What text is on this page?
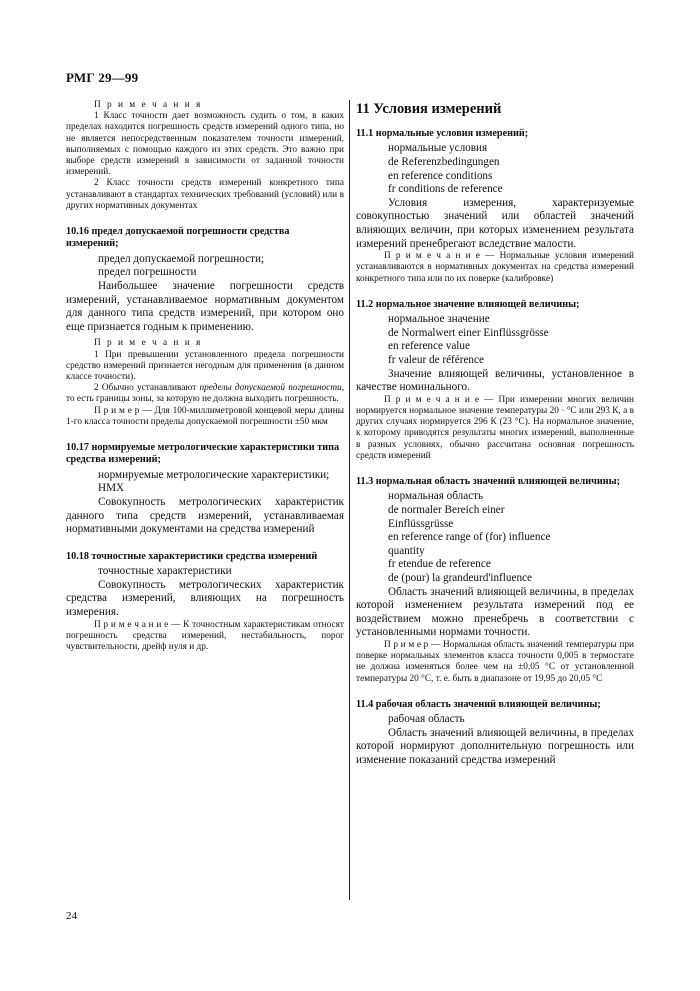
РМГ 29—99

П р и м е ч а н и я

1 Класс точности дает возможность судить о том, в каких пределах находится погрешность средств измерений одного типа, но не является непосредственным показателем точности измерений, выполняемых с помощью каждого из этих средств. Это важно при выборе средств измерений в зависимости от заданной точности измерений.

2 Класс точности средств измерений конкретного типа устанавливают в стандартах технических требований (условий) или в других нормативных документах

10.16 предел допускаемой погрешности средства измерений;

предел допускаемой погрешности;

предел погрешности

Наибольшее значение погрешности средств измерений, устанавливаемое нормативным документом для данного типа средств измерений, при котором оно еще признается годным к применению.

П р и м е ч а н и я

1 При превышении установленного предела погрешности средство измерений признается негодным для применения (в данном классе точности).

2 Обычно устанавливают пределы допускаемой погрешности, то есть границы зоны, за которую не должна выходить погрешность.

П р и м е р — Для 100-миллиметровой концевой меры длины 1-го класса точности пределы допускаемой погрешности ±50 мкм

10.17 нормируемые метрологические характеристики типа средства измерений;

нормируемые метрологические характеристики;

НМХ

Совокупность метрологических характеристик данного типа средств измерений, устанавливаемая нормативными документами на средства измерений

10.18 точностные характеристики средства измерений

точностные характеристики

Совокупность метрологических характеристик средства измерений, влияющих на погрешность измерения.

П р и м е ч а н и е — К точностным характеристикам относят погрешность средства измерений, нестабильность, порог чувствительности, дрейф нуля и др.

11 Условия измерений

11.1 нормальные условия измерений;

нормальные условия

de Referenzbedingungen

en reference conditions

fr conditions de reference

Условия измерения, характеризуемые совокупностью значений или областей значений влияющих величин, при которых изменением результата измерений пренебрегают вследствие малости.

П р и м е ч а н и е — Нормальные условия измерений устанавливаются в нормативных документах на средства измерений конкретного типа или по их поверке (калибровке)

11.2 нормальное значение влияющей величины;

нормальное значение

de Normalwert einer Einflüssgrösse

en reference value

fr valeur de référence

Значение влияющей величины, установленное в качестве номинального.

П р и м е ч а н и е — При измерении многих величин нормируется нормальное значение температуры 20 · °С или 293 К, а в других случаях нормируется 296 К (23 °С). На нормальное значение, к которому приводятся результаты многих измерений, выполненные в разных условиях, обычно рассчитана основная погрешность средств измерений

11.3 нормальная область значений влияющей величины;

нормальная область

de normaler Bereich einer

Einflüssgrüsse

en reference range of (for) influence

quantity

fr etendue de reference

de (pour) la grandeurd'influence

Область значений влияющей величины, в пределах которой изменением результата измерений под ее воздействием можно пренебречь в соответствии с установленными нормами точности.

П р и м е р — Нормальная область значений температуры при поверке нормальных элементов класса точности 0,005 в термостате не должна изменяться более чем на ±0,05 °С от установленной температуры 20 °С, т. е. быть в диапазоне от 19,95 до 20,05 °С

11.4 рабочая область значений влияющей величины;

рабочая область

Область значений влияющей величины, в пределах которой нормируют дополнительную погрешность или изменение показаний средства измерений

24
